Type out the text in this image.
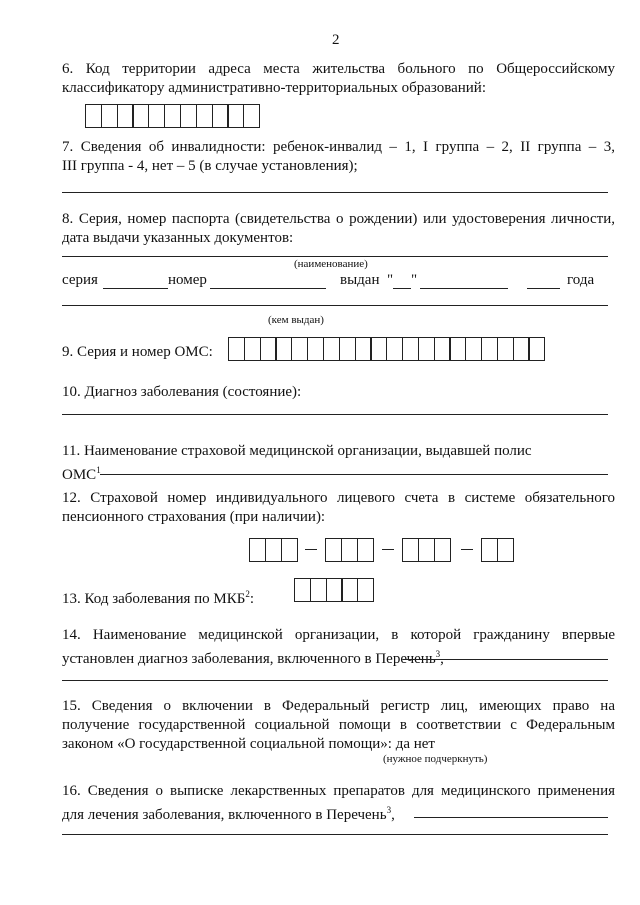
2
6. Код территории адреса места жительства больного по Общероссийскому
классификатору административно-территориальных образований:
7. Сведения об инвалидности: ребенок-инвалид – 1, I группа – 2, II группа – 3,
III группа - 4, нет – 5 (в случае установления);
8. Серия, номер паспорта (свидетельства о рождении) или удостоверения личности,
дата выдачи указанных документов:
(наименование)
серия	номер	выдан " "	года
(кем выдан)
9. Серия и номер ОМС:
10. Диагноз заболевания (состояние):
11. Наименование страховой медицинской организации, выдавшей полис
ОМС$^1$
12. Страховой номер индивидуального лицевого счета в системе обязательного
пенсионного страхования (при наличии):
13. Код заболевания по МКБ$^2$:
14. Наименование медицинской организации, в которой гражданину впервые
установлен диагноз заболевания, включенного в Перечень$^3$,
15. Сведения о включении в Федеральный регистр лиц, имеющих право на
получение государственной социальной помощи в соответствии с Федеральным
законом «О государственной социальной помощи»: да нет
(нужное подчеркнуть)
16. Сведения о выписке лекарственных препаратов для медицинского применения
для лечения заболевания, включенного в Перечень$^3$,
